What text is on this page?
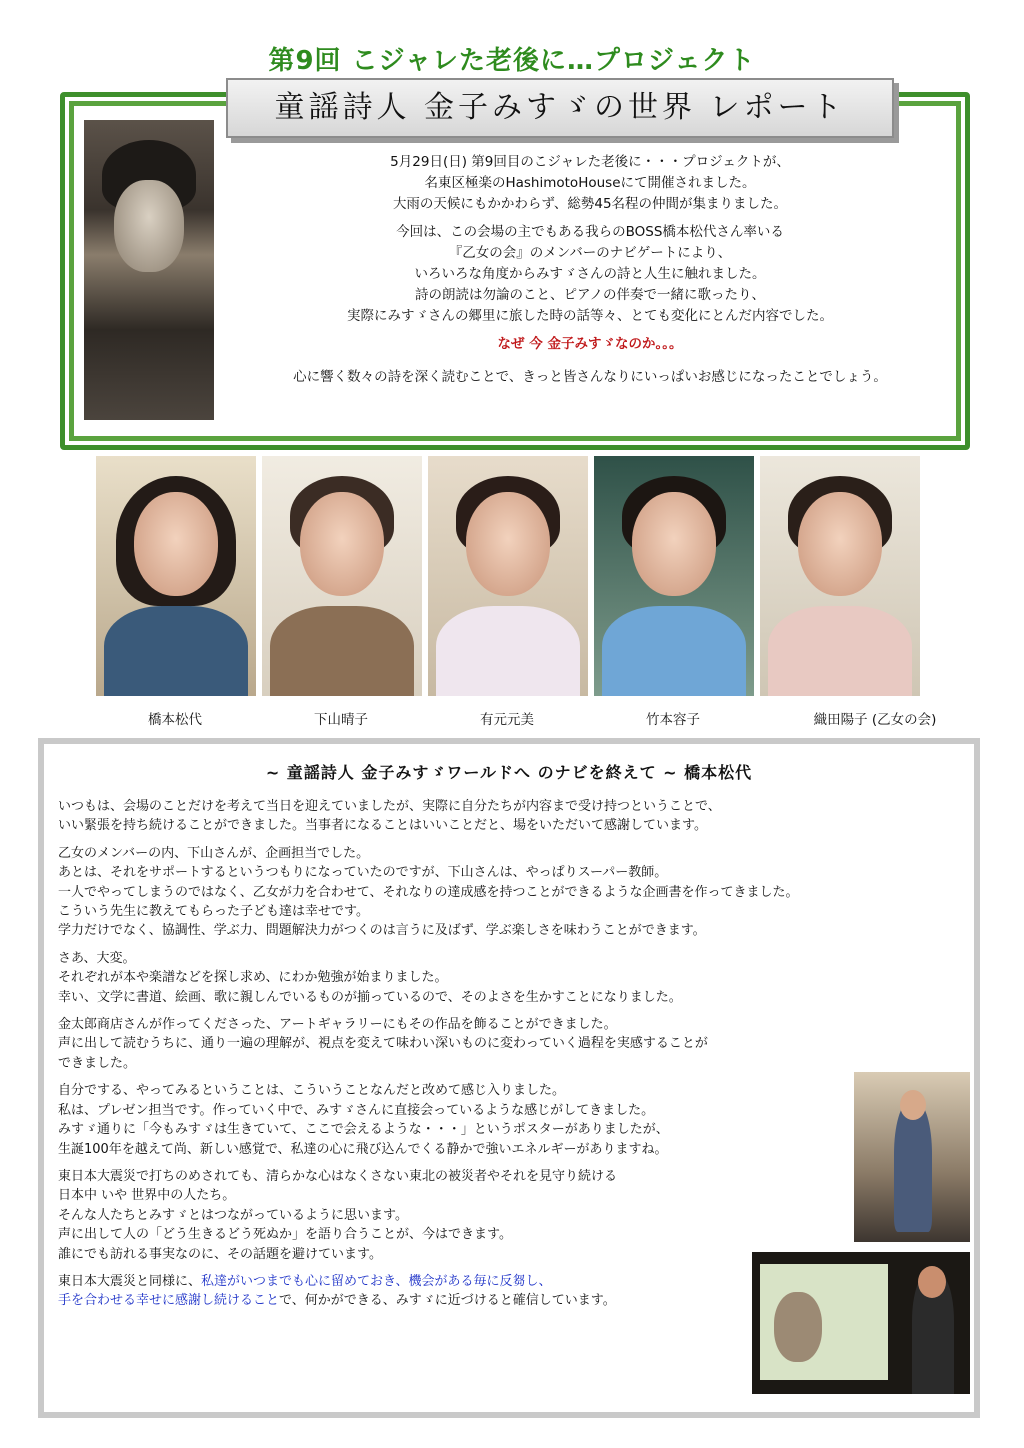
第9回 こジャレた老後に…プロジェクト
童謡詩人 金子みすゞの世界 レポート

5月29日(日) 第9回目のこジャレた老後に・・・プロジェクトが、
名東区極楽のHashimotoHouseにて開催されました。
大雨の天候にもかかわらず、総勢45名程の仲間が集まりました。

今回は、この会場の主でもある我らのBOSS橋本松代さん率いる
『乙女の会』のメンバーのナビゲートにより、
いろいろな角度からみすゞさんの詩と人生に触れました。
詩の朗読は勿論のこと、ピアノの伴奏で一緒に歌ったり、
実際にみすゞさんの郷里に旅した時の話等々、とても変化にとんだ内容でした。

なぜ 今 金子みすゞなのか。。。

心に響く数々の詩を深く読むことで、きっと皆さんなりにいっぱいお感じになったことでしょう。

橋本松代	下山晴子	有元元美	竹本容子	織田陽子 (乙女の会)
~ 童謡詩人 金子みすゞワールドへ のナビを終えて ~ 橋本松代

いつもは、会場のことだけを考えて当日を迎えていましたが、実際に自分たちが内容まで受け持つということで、
いい緊張を持ち続けることができました。当事者になることはいいことだと、場をいただいて感謝しています。

乙女のメンバーの内、下山さんが、企画担当でした。
あとは、それをサポートするというつもりになっていたのですが、下山さんは、やっぱりスーパー教師。
一人でやってしまうのではなく、乙女が力を合わせて、それなりの達成感を持つことができるような企画書を作ってきました。
こういう先生に教えてもらった子ども達は幸せです。
学力だけでなく、協調性、学ぶ力、問題解決力がつくのは言うに及ばず、学ぶ楽しさを味わうことができます。

さあ、大変。
それぞれが本や楽譜などを探し求め、にわか勉強が始まりました。
幸い、文学に書道、絵画、歌に親しんでいるものが揃っているので、そのよさを生かすことになりました。

金太郎商店さんが作ってくださった、アートギャラリーにもその作品を飾ることができました。
声に出して読むうちに、通り一遍の理解が、視点を変えて味わい深いものに変わっていく過程を実感することが
できました。

自分でする、やってみるということは、こういうことなんだと改めて感じ入りました。
私は、プレゼン担当です。作っていく中で、みすゞさんに直接会っているような感じがしてきました。
みすゞ通りに「今もみすゞは生きていて、ここで会えるような・・・」というポスターがありましたが、
生誕100年を越えて尚、新しい感覚で、私達の心に飛び込んでくる静かで強いエネルギーがありますね。

東日本大震災で打ちのめされても、清らかな心はなくさない東北の被災者やそれを見守り続ける
日本中 いや 世界中の人たち。
そんな人たちとみすゞとはつながっているように思います。
声に出して人の「どう生きるどう死ぬか」を語り合うことが、今はできます。
誰にでも訪れる事実なのに、その話題を避けています。

東日本大震災と同様に、私達がいつまでも心に留めておき、機会がある毎に反芻し、
手を合わせる幸せに感謝し続けることで、何かができる、みすゞに近づけると確信しています。
